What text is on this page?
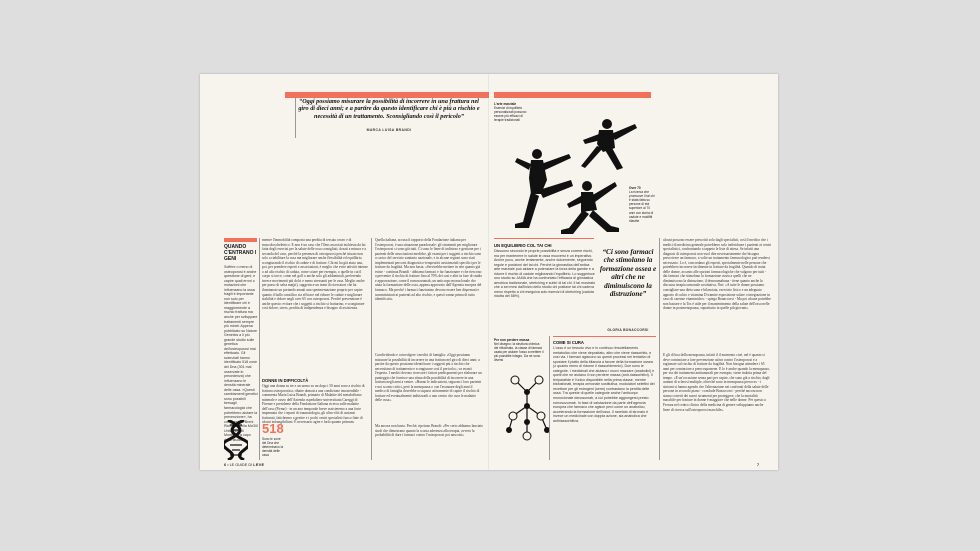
“Oggi possiamo misurare la possibilità di incorrere in una frattura nel giro di dieci anni; e a partire da questo identificare chi è più a rischio e necessità di un trattamento. Sconsigliando così il pericolo”
MARCA LUISA BRANDI
QUANDO C'ENTRANO I GENI
Soffrire o meno di osteoporosi è anche questione di geni; e capire quali errori o mutazioni che influenzano la ossa fragili è importante non solo per identificare chi è maggiormente a rischio frattura ma anche per sviluppare trattamenti sempre più mirati. Appena pubblicato su Nature Genetics a il più grande studio sulle genetica dell'osteoporosi mai effettuato. Gli scienziati hanno identificato 518 zone del Dna (301 mai osservate in precedenza) che influenzano le densità minerale delle ossa. «Questi cambiamenti genetici sono possibili bersagli farmacologici che potrebbero aiutare la prevenzione», ha commentato Brent Richards della McGill University di Montréal, a capo dello studio.
518
Sono le zone del Dna che determinano la densità delle ossa
mentre l'immobilità comporta una perdita di tessuto osseo e di muscoloscheletrico. E non è un caso che l'Oms associati inchiesta da lui fatta degli esercizi per la salute delle ossa consigliati, dosati a misura e a seconda del caso, perché la presenza di osteoporosi perché situato non solo a riabilitare la ossa ma migliorare anche flessibilità ed equilibrio, scongiurando il rischio di cadute e di fratture. Chi mi ha già aiuto una, poi, per prendere esperti e associazioni, è meglio che evite attività intense o ad alto rischio di caduta, come sciare per esempio, o quelle in cui il corpo si torce, come nel golf o anche solo gli addominali, preferendo invece movimenti più dolci e meno stressanti per le ossa. Meglio anche per passo di salsa ma(pi), suggerisce un team di ricercatori che ha ilumiunato un portando anuati una sperimentazione proprio per capire quanto il ballo caratilico sia efficace nel ridurre le cadute e migliorare stabilità e dolore negli over 65 con osteoporosi. Perché prevenzione è anche questo: evitare che i soggetti a rischio si fratturino, e scongiurare così dolore, stress, perdita di indipendenza e bisogno di assistenza.
DONNE IN DIFFICOLTÀ
Oggi una donna su tre e un uomo su un dopo i 50 anni sono a rischio di frattura osteoporotica, ribatte domati a una condizione insostenibile - commenta Maria Luisa Brandi, primario di Malattie del metabolismo minerale e osseo dell'Azienda ospedaliero-universitaria Careggi di Firenze e presidente della Fondazione Italiana ricerca sulle malattie dell'osso (Firmo) - in un ano temporale breve assisteremo a una forte impennata che i reparti di traumatologia, gli ultra-cliii di assiansi fratturati, fatichermo a gestire e i pochi centri specialisti fuoco fiate di alcuni infrangibilioni. È necessario agire e farlo quanto primum.
Quella italiana, accusa il rapporto della Fondazione italiana per l'osteoporosi, è una situazione paradossale: gli strumenti per migliorare l'osteoporosi ci sono già tutti. Ci sono le linee di indirizzo e gestione per i pazienti delle associazioni mediche, gli esami per i soggetti a rischio sono a carico del servizio sanitario nazionale, e in alcune regioni sono stati implementati percorsi diagnostico-terapeutici assistenziali specifici per le fratture da fragilità. Ma non basta. «Servirebbe mettere in rete quanto già esiste - continua Brandi - abbiamo farmaci e far funzionare e che riescono a prevenire il rischio di fratture fino al 70% dei casi e altri in fase di studio e approvazione, come il romosozumab, un anticorpo monoclonale che aiuta la formazione delle ossa, appena approvato dall'Agenzia europea del farmaco. Ma perché i farmaci funzionino devono essere ben dispensati e somministrati ai pazienti ad alto rischio, e questi vanno prima di tutto identificati».
Condividendo e coinvolgere i medici di famiglia: «Oggi possiamo misurare la possibilità di incorrere in una frattura nel giro di dieci anni; a partire da questo possiamo identificare i soggetti più a rischio che necessitano di trattamento e scongiurare così il pericolo», va avanti l'esperta. I medici devono ricercare i fattori predisponenti per elaborare un punteggio che fornisce una stima della possibilità di incorrere in una frattura negli anni a venire. «Hanno le indicazioni, seguono i loro pazienti e noi sconto critici, però la menopausa o con l'avanzare degli anni il medico di famiglia dovrebbe occuparsi attivamente di capire il rischio di fratture ed eventualmente indirizzarli a uno centro che cura le malattie delle ossa».
Ma ancora non basta. Perché, ripetono Brandi: «Per certo abbiamo lanciato studi che dimostrano quanto la scarsa aderenza alla terapia, ovvero la probabilità di dare i farmaci contro l'osteoporosi poi nascosti»
6 • LE GUIDE DI LEVE
L'arte marziale
Esercizi di equilibrio personalizzati possono essere più efficaci di terapie tradizionali
Over 70
La ricerca che promuove il tai chi è stata fatta su persone di età superiore ai 70 anni con storia di cadute e modifiti rilasthe
UN EQUILIBRIO COL TAI CHI
Dissuono secondo le proprie possibilità e senza correre rischi, ma per mantenere in salute le ossa muoversi è un imperativo. Anche poco, anche lentamente, anche dolcemente, seguendo regole e posizioni del tai chi. Perché la ginnastica dell'antica arte marziale può aiutare a potenziare la forza della gambe e a ridurre il rischio di cadute migliorando l'equilibrio. Lo suggerisce uno studio su JAMA che ha confrontato l'efficacia di ginnastica aerobica tradizionale, stretching e subiri di tai chi. Il tai mostrato che a sei mesi dall'inizio dello studio chi pratiave tai chi cadeva meno rispetto a chi eseguiva solo esercizi di stretching (caduta ridotta del 58%).
“Ci sono farmaci che stimolano la formazione ossea e altri che ne diminuiscono la distruzione”
GLORIA BONACCORSI
alcuni possono essere prescritti solo dagli specialisti, così il medico che i medici di medicina generale potrebbero solo individuare i pazienti ai centri specialistici, confrontando a tappeto le liste di attesa. Se infatti una diagnosi di osteoporosi non vuol dire necessariamente che bisogna prescrivere un farmaco, a volte un trattamento farmacologico può rendersi necessario. Lo è, concordano gli esperti, specialmente nelle persone che potrebbero incorrere facilmente in fratture da fragilità. Quando di tratta delle donne, accanto alle opzioni farmacologiche che valgono per tutti - dai farmaci che stimolano la formazione ossea a quelli che ne diminuiscono la distruzione, il denosumabuna - tiene quanto anche la discussa terapia ormonale sostitutiva, l'hrt: «A tutte le donne possiamo consigliare una dieta sana e bilanciata, esercizio fisico e un adeguato apporto di calcio e vitamina D tramite esposizione solare o integrazione in caso di carenze vitaminiche» - spiega Bonaccorsi - Ma poi alcune potrebbe non bastare e la Tos è utile per il mantenimento della salute dell'osso nelle donne in postmenopausa, soprattutto in quelle più giovani».
E gli di boa della menopausa, infatti il il momento cioè, nel è quanto si deve cominciare a fare prevenzione attiva contro l'osteoporosi e a ragionare sul rischio di fratture da fragilità. Non bisogna attendere i 65 anni per cominciare a preoccuparsene. E lo è anche quando la menopausa, per via dei trattamenti antitumorali per esempio, viene indotta prima del tempo. «E un'occasione senza pari per capire, che sono già a rischio, dagli uomini di sclerosi multiple, oltreché sono in menopausa precoce» - i sintomi si hanno agendo che l'alternazione nei confronti della salute delle persone in secondo piano - conclude Bonaccorsi - perché ancora non siamo corretti dei nuovi strumenti per proteggere, che la mortalità maschile per fratture in donne è maggiore che nelle donne. Per questo a Ferrara nel centro clinico della medicina di genere sviluppiamo anche linee di ricerca sull'osteoporosi maschile».
Per non perdere massa
Nel disegno: la struttura chimica del ritfudinato, la classe di farmaci usata per aiutare l'osso a mettere il più possibile intagro. Da ne sono diversi
COME SI CURA
L'osso è un tessuto vivo e in continuo rimodellamento metabolico che viene depositato, altro che viene riassorbito, e così via. I farmaci agiscono su questi processi nel tentativo di spostare il piatto della bilancia a favore della formazione ossea (o quanto meno di ridurne il riassorbimento). Due sono le categorie. I medicinali che aiutano i nuovi mazzare (anabolici) e quelli che ne aiutano il non perdere massa (anti-riassorbitivi). Il teriparatide è l'unico disponibile nella prima classe, mentre bisfosfonati, terapia ormonale sostitutiva, modulatori selettivi del recettore per gli estrogeni (serm) contrastano la perdita delle ossa. Tra queste di quelle categorie anche l'anticorpo monoclonale denosumab, a cui potrebbe aggiungersi presto romosozumab. In fase di valutazione da parte dell'agenzia europea che farmaco che agisce però come un anabolico, accelerando la formazione dell'osso. Il ranelato di stronzio è invece un medicinale con doppia azione, sia anabolica che antiriassorbitiva.
7
